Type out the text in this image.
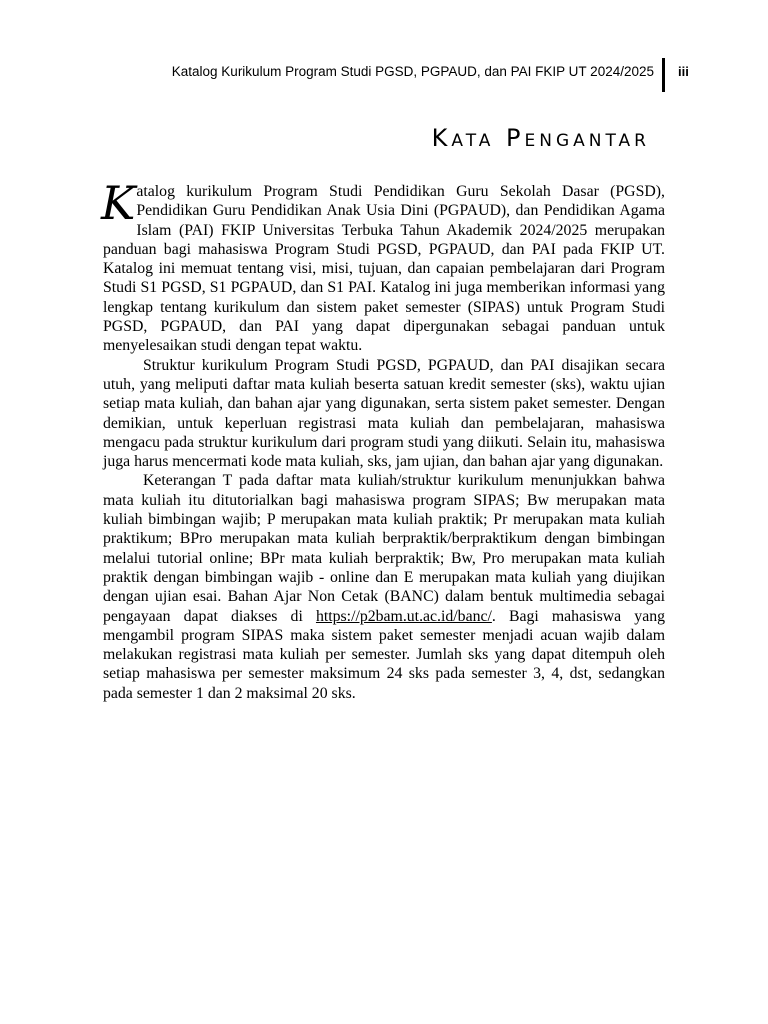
Katalog Kurikulum Program Studi PGSD, PGPAUD, dan PAI FKIP UT 2024/2025 iii
Kata Pengantar

Katalog kurikulum Program Studi Pendidikan Guru Sekolah Dasar (PGSD), Pendidikan Guru Pendidikan Anak Usia Dini (PGPAUD), dan Pendidikan Agama Islam (PAI) FKIP Universitas Terbuka Tahun Akademik 2024/2025 merupakan panduan bagi mahasiswa Program Studi PGSD, PGPAUD, dan PAI pada FKIP UT. Katalog ini memuat tentang visi, misi, tujuan, dan capaian pembelajaran dari Program Studi S1 PGSD, S1 PGPAUD, dan S1 PAI. Katalog ini juga memberikan informasi yang lengkap tentang kurikulum dan sistem paket semester (SIPAS) untuk Program Studi PGSD, PGPAUD, dan PAI yang dapat dipergunakan sebagai panduan untuk menyelesaikan studi dengan tepat waktu.

Struktur kurikulum Program Studi PGSD, PGPAUD, dan PAI disajikan secara utuh, yang meliputi daftar mata kuliah beserta satuan kredit semester (sks), waktu ujian setiap mata kuliah, dan bahan ajar yang digunakan, serta sistem paket semester. Dengan demikian, untuk keperluan registrasi mata kuliah dan pembelajaran, mahasiswa mengacu pada struktur kurikulum dari program studi yang diikuti. Selain itu, mahasiswa juga harus mencermati kode mata kuliah, sks, jam ujian, dan bahan ajar yang digunakan.

Keterangan T pada daftar mata kuliah/struktur kurikulum menunjukkan bahwa mata kuliah itu ditutorialkan bagi mahasiswa program SIPAS; Bw merupakan mata kuliah bimbingan wajib; P merupakan mata kuliah praktik; Pr merupakan mata kuliah praktikum; BPro merupakan mata kuliah berpraktik/berpraktikum dengan bimbingan melalui tutorial online; BPr mata kuliah berpraktik; Bw, Pro merupakan mata kuliah praktik dengan bimbingan wajib - online dan E merupakan mata kuliah yang diujikan dengan ujian esai. Bahan Ajar Non Cetak (BANC) dalam bentuk multimedia sebagai pengayaan dapat diakses di https://p2bam.ut.ac.id/banc/. Bagi mahasiswa yang mengambil program SIPAS maka sistem paket semester menjadi acuan wajib dalam melakukan registrasi mata kuliah per semester. Jumlah sks yang dapat ditempuh oleh setiap mahasiswa per semester maksimum 24 sks pada semester 3, 4, dst, sedangkan pada semester 1 dan 2 maksimal 20 sks.
